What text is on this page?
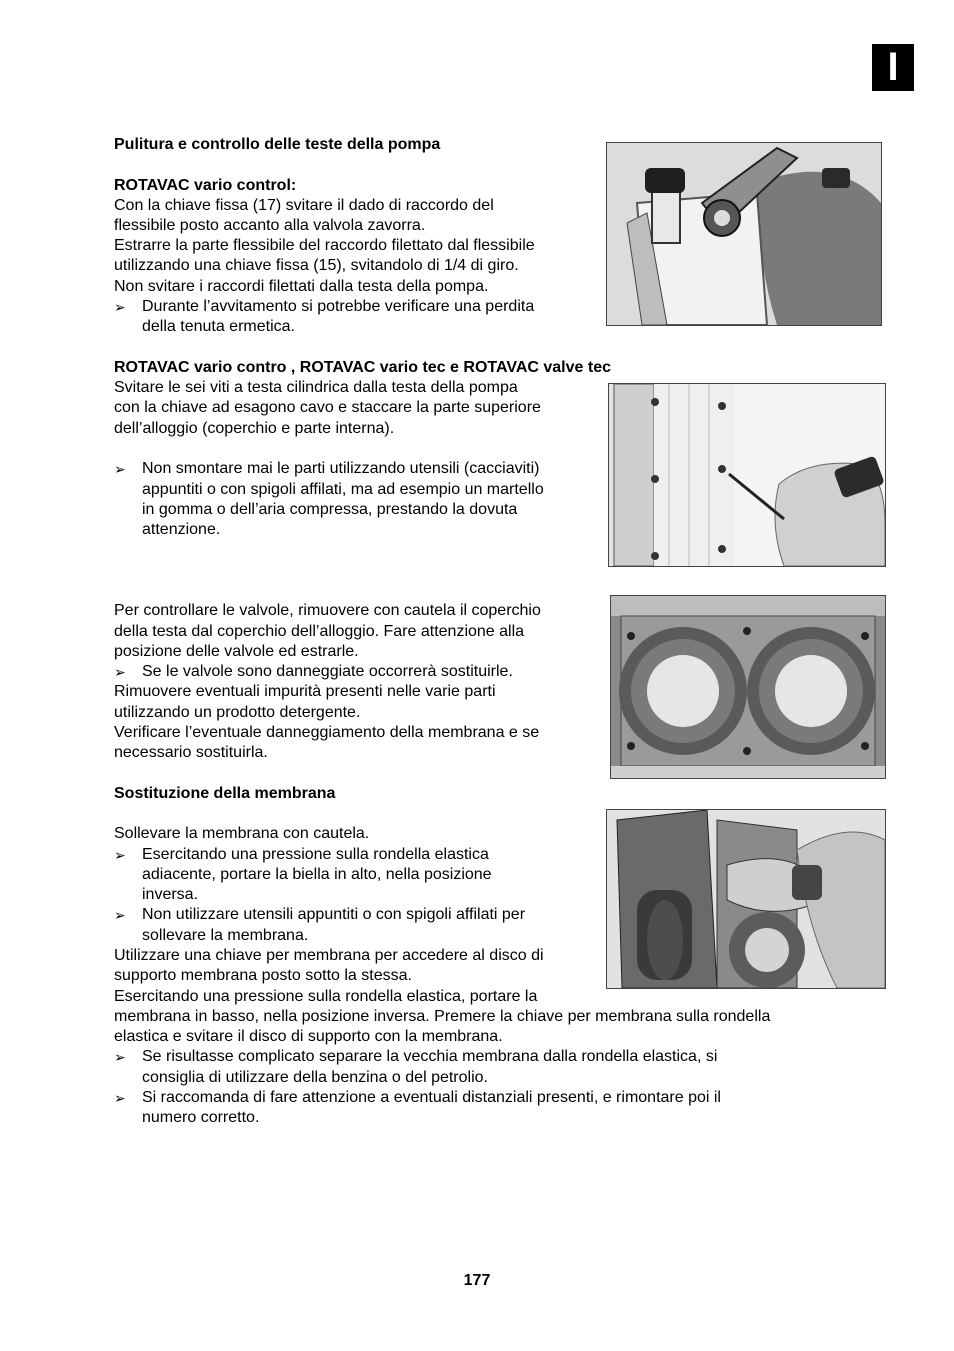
I
Pulitura e controllo delle teste della pompa
ROTAVAC vario control:
Con la chiave fissa (17) svitare il dado di raccordo del
flessibile posto accanto alla valvola zavorra.
Estrarre la parte flessibile del raccordo filettato dal flessibile
utilizzando una chiave fissa (15), svitandolo di 1/4 di giro.
Non svitare i raccordi filettati dalla testa della pompa.
➢	Durante l’avvitamento si potrebbe verificare una perdita
della tenuta ermetica.
ROTAVAC vario contro , ROTAVAC vario tec e ROTAVAC valve tec
Svitare le sei viti a testa cilindrica dalla testa della pompa
con la chiave ad esagono cavo e staccare la parte superiore
dell’alloggio (coperchio e parte interna).
➢	Non smontare mai le parti utilizzando utensili (cacciaviti)
appuntiti o con spigoli affilati, ma ad esempio un martello
in gomma o dell’aria compressa, prestando la dovuta
attenzione.
Per controllare le valvole, rimuovere con cautela il coperchio
della testa dal coperchio dell’alloggio. Fare attenzione alla
posizione delle valvole ed estrarle.
➢	Se le valvole sono danneggiate occorrerà sostituirle.
Rimuovere eventuali impurità presenti nelle varie parti
utilizzando un prodotto detergente.
Verificare l’eventuale danneggiamento della membrana e se
necessario sostituirla.
Sostituzione della membrana
Sollevare la membrana con cautela.
➢	Esercitando una pressione sulla rondella elastica
adiacente, portare la biella in alto, nella posizione
inversa.
➢	Non utilizzare utensili appuntiti o con spigoli affilati per
sollevare la membrana.
Utilizzare una chiave per membrana per accedere al disco di
supporto membrana posto sotto la stessa.
Esercitando una pressione sulla rondella elastica, portare la
membrana in basso, nella posizione inversa. Premere la chiave per membrana sulla rondella
elastica e svitare il disco di supporto con la membrana.
➢	Se risultasse complicato separare la vecchia membrana dalla rondella elastica, si
consiglia di utilizzare della benzina o del petrolio.
➢	Si raccomanda di fare attenzione a eventuali distanziali presenti, e rimontare poi il
numero corretto.
177
